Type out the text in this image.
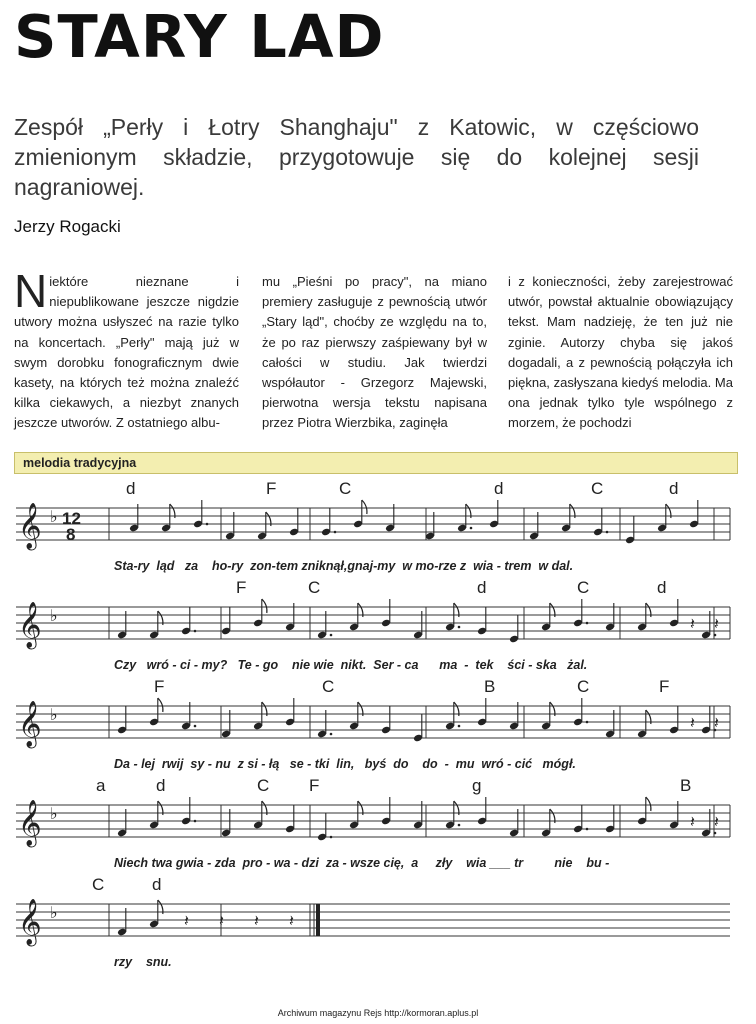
STARY LAD
Zespół „Perły i Łotry Shanghaju" z Katowic, w częściowo zmienionym składzie, przygotowuje się do kolejnej sesji nagraniowej.
Jerzy Rogacki
Niektóre nieznane i niepublikowane jeszcze nigdzie utwory można usłyszeć na razie tylko na koncertach. „Perły" mają już w swym dorobku fonograficznym dwie kasety, na których też można znaleźć kilka ciekawych, a niezbyt znanych jeszcze utworów. Z ostatniego albu-
mu „Pieśni po pracy", na miano premiery zasługuje z pewnością utwór „Stary ląd", choćby ze względu na to, że po raz pierwszy zaśpiewany był w całości w studiu. Jak twierdzi współautor - Grzegorz Majewski, pierwotna wersja tekstu napisana przez Piotra Wierzbika, zaginęła
i z konieczności, żeby zarejestrować utwór, powstał aktualnie obowiązujący tekst. Mam nadzieję, że ten już nie zginie. Autorzy chyba się jakoś dogadali, a z pewnością połączyła ich piękna, zasłyszana kiedyś melodia. Ma ona jednak tylko tyle wspólnego z morzem, że pochodzi
melodia tradycyjna
𝄞 ♭ 12
8
d	F	C	d	C	d
Sta-ry  ląd   za    ho-ry  zon-tem zniknął,gnaj-my  w mo-rze z  wia - trem  w dal.
𝄞 ♭	𝄽 𝄽
F	C	d	C	d
Czy   wró - ci - my?   Te - go    nie wie  nikt.  Ser - ca      ma  -  tek    ści - ska   żal.
𝄞 ♭	𝄽 𝄽
F	C	B	C	F
Da - lej  rwij  sy - nu  z si - łą   se - tki  lin,   byś  do    do  -  mu  wró - cić   mógł.
𝄞 ♭	𝄽 𝄽
a	d	C F	g	B
Niech twa gwia - zda  pro - wa - dzi  za - wsze cię,  a     zły    wia ___ tr         nie    bu -
𝄞 ♭	𝄽 𝄽 𝄽 𝄽
C	d
rzy    snu.
Archiwum magazynu Rejs http://kormoran.aplus.pl
